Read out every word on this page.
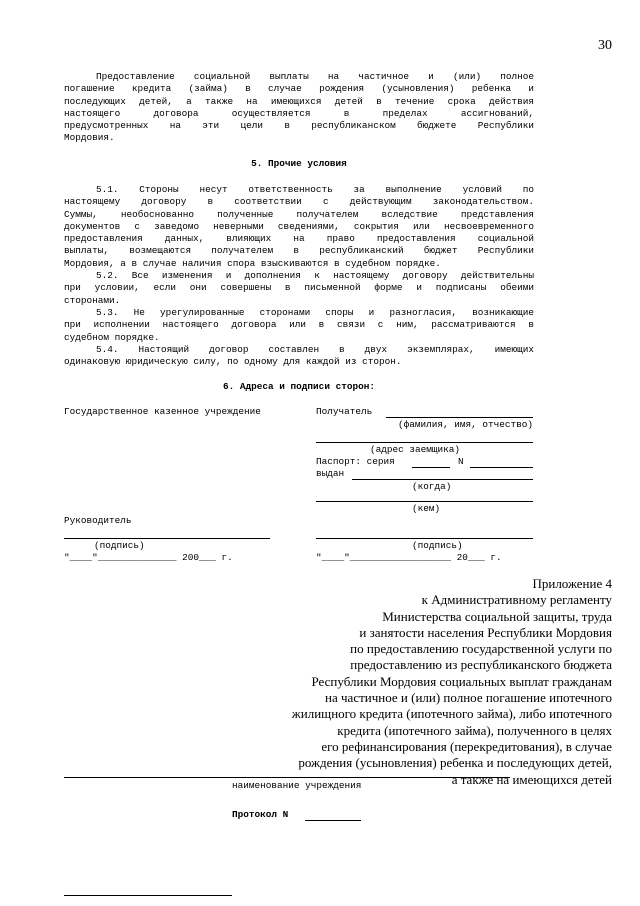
30
Предоставление социальной выплаты на частичное и (или) полное
погашение кредита (займа) в случае рождения (усыновления) ребенка и
последующих детей, а также на имеющихся детей в течение срока действия
настоящего договора осуществляется в пределах ассигнований,
предусмотренных на эти цели в республиканском бюджете Республики
Мордовия.
5. Прочие условия
5.1. Стороны несут ответственность за выполнение условий по
настоящему договору в соответствии с действующим законодательством.
Суммы, необоснованно полученные получателем вследствие представления
документов с заведомо неверными сведениями, сокрытия или несвоевременного
предоставления данных, влияющих на право предоставления социальной
выплаты, возмещаются получателем в республиканский бюджет Республики
Мордовия, а в случае наличия спора взыскиваются в судебном порядке.
5.2. Все изменения и дополнения к настоящему договору действительны
при условии, если они совершены в письменной форме и подписаны обеими
сторонами.
5.3. Не урегулированные сторонами споры и разногласия, возникающие
при исполнении настоящего договора или в связи с ним, рассматриваются в
судебном порядке.
5.4. Настоящий договор составлен в двух экземплярах, имеющих
одинаковую юридическую силу, по одному для каждой из сторон.
6. Адреса и подписи сторон:
Государственное казенное учреждение
Руководитель
(подпись)
"____"______________ 200___ г.
Получатель
(фамилия, имя, отчество)
(адрес заемщика)
Паспорт: серия	N
выдан
(когда)
(кем)
(подпись)
"____"__________________ 20___ г.
Приложение 4
к Административному регламенту
Министерства социальной защиты, труда
и занятости населения Республики Мордовия
по предоставлению государственной услуги по
предоставлению из республиканского бюджета
Республики Мордовия социальных выплат гражданам
на частичное и (или) полное погашение ипотечного
жилищного кредита (ипотечного займа), либо ипотечного
кредита (ипотечного займа), полученного в целях
его рефинансирования (перекредитования), в случае
рождения (усыновления) ребенка и последующих детей,
а также на имеющихся детей
наименование учреждения
Протокол N
